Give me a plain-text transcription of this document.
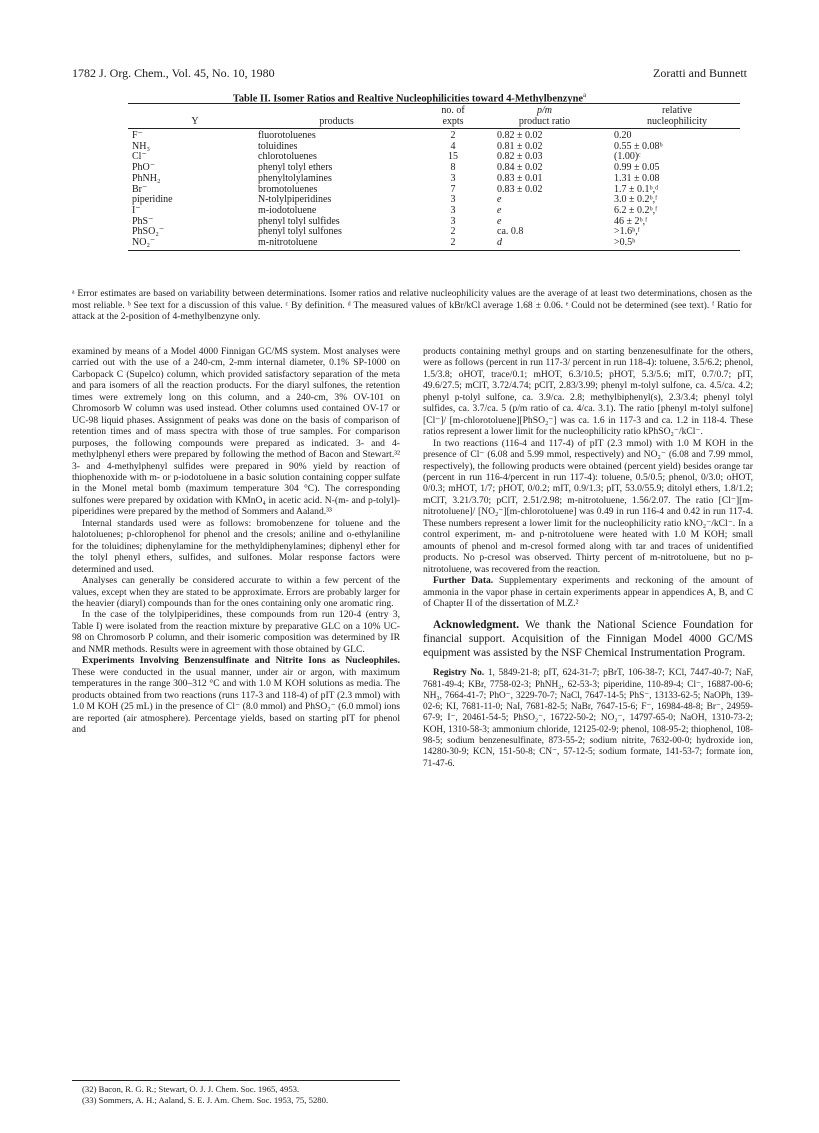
1782 J. Org. Chem., Vol. 45, No. 10, 1980	Zoratti and Bunnett
Table II. Isomer Ratios and Realtive Nucleophilicities toward 4-Methylbenzyne$^a$
		no. of	p/m	relative
Y	products	expts	product ratio	nucleophilicity
F⁻	fluorotoluenes	2	0.82 ± 0.02	0.20
NH₃	toluidines	4	0.81 ± 0.02	0.55 ± 0.08ᵇ
Cl⁻	chlorotoluenes	15	0.82 ± 0.03	(1.00)ᶜ
PhO⁻	phenyl tolyl ethers	8	0.84 ± 0.02	0.99 ± 0.05
PhNH₂	phenyltolylamines	3	0.83 ± 0.01	1.31 ± 0.08
Br⁻	bromotoluenes	7	0.83 ± 0.02	1.7 ± 0.1ᵇ,ᵈ
piperidine	N-tolylpiperidines	3	e	3.0 ± 0.2ᵇ,ᶠ
I⁻	m-iodotoluene	3	e	6.2 ± 0.2ᵇ,ᶠ
PhS⁻	phenyl tolyl sulfides	3	e	46 ± 2ᵇ,ᶠ
PhSO₂⁻	phenyl tolyl sulfones	2	ca. 0.8	>1.6ᵇ,ᶠ
NO₂⁻	m-nitrotoluene	2	d	>0.5ᵇ
ᵃ Error estimates are based on variability between determinations. Isomer ratios and relative nucleophilicity values are the average of at least two determinations, chosen as the most reliable. ᵇ See text for a discussion of this value. ᶜ By definition. ᵈ The measured values of kBr/kCl average 1.68 ± 0.06. ᵉ Could not be determined (see text). ᶠ Ratio for attack at the 2-position of 4-methylbenzyne only.

examined by means of a Model 4000 Finnigan GC/MS system. Most analyses were carried out with the use of a 240-cm, 2-mm internal diameter, 0.1% SP-1000 on Carbopack C (Supelco) column, which provided satisfactory separation of the meta and para isomers of all the reaction products. For the diaryl sulfones, the retention times were extremely long on this column, and a 240-cm, 3% OV-101 on Chromosorb W column was used instead. Other columns used contained OV-17 or UC-98 liquid phases. Assignment of peaks was done on the basis of comparison of retention times and of mass spectra with those of true samples. For comparison purposes, the following compounds were prepared as indicated. 3- and 4-methylphenyl ethers were prepared by following the method of Bacon and Stewart.³² 3- and 4-methylphenyl sulfides were prepared in 90% yield by reaction of thiophenoxide with m- or p-iodotoluene in a basic solution containing copper sulfate in the Monel metal bomb (maximum temperature 304 °C). The corresponding sulfones were prepared by oxidation with KMnO₄ in acetic acid. N-(m- and p-tolyl)-piperidines were prepared by the method of Sommers and Aaland.³³

Internal standards used were as follows: bromobenzene for toluene and the halotoluenes; p-chlorophenol for phenol and the cresols; aniline and o-ethylaniline for the toluidines; diphenylamine for the methyldiphenylamines; diphenyl ether for the tolyl phenyl ethers, sulfides, and sulfones. Molar response factors were determined and used.

Analyses can generally be considered accurate to within a few percent of the values, except when they are stated to be approximate. Errors are probably larger for the heavier (diaryl) compounds than for the ones containing only one aromatic ring.

In the case of the tolylpiperidines, these compounds from run 120-4 (entry 3, Table I) were isolated from the reaction mixture by preparative GLC on a 10% UC-98 on Chromosorb P column, and their isomeric composition was determined by IR and NMR methods. Results were in agreement with those obtained by GLC.

Experiments Involving Benzensulfinate and Nitrite Ions as Nucleophiles. These were conducted in the usual manner, under air or argon, with maximum temperatures in the range 300–312 °C and with 1.0 M KOH solutions as media. The products obtained from two reactions (runs 117-3 and 118-4) of pIT (2.3 mmol) with 1.0 M KOH (25 mL) in the presence of Cl⁻ (8.0 mmol) and PhSO₂⁻ (6.0 mmol) ions are reported (air atmosphere). Percentage yields, based on starting pIT for phenol and

(32) Bacon, R. G. R.; Stewart, O. J. J. Chem. Soc. 1965, 4953.
(33) Sommers, A. H.; Aaland, S. E. J. Am. Chem. Soc. 1953, 75, 5280.

products containing methyl groups and on starting benzenesulfinate for the others, were as follows (percent in run 117-3/ percent in run 118-4): toluene, 3.5/6.2; phenol, 1.5/3.8; oHOT, trace/0.1; mHOT, 6.3/10.5; pHOT, 5.3/5.6; mIT, 0.7/0.7; pIT, 49.6/27.5; mClT, 3.72/4.74; pClT, 2.83/3.99; phenyl m-tolyl sulfone, ca. 4.5/ca. 4.2; phenyl p-tolyl sulfone, ca. 3.9/ca. 2.8; methylbiphenyl(s), 2.3/3.4; phenyl tolyl sulfides, ca. 3.7/ca. 5 (p/m ratio of ca. 4/ca. 3.1). The ratio [phenyl m-tolyl sulfone][Cl⁻]/ [m-chlorotoluene][PhSO₂⁻] was ca. 1.6 in 117-3 and ca. 1.2 in 118-4. These ratios represent a lower limit for the nucleophilicity ratio kPhSO₂⁻/kCl⁻.

In two reactions (116-4 and 117-4) of pIT (2.3 mmol) with 1.0 M KOH in the presence of Cl⁻ (6.08 and 5.99 mmol, respectively) and NO₂⁻ (6.08 and 7.99 mmol, respectively), the following products were obtained (percent yield) besides orange tar (percent in run 116-4/percent in run 117-4): toluene, 0.5/0.5; phenol, 0/3.0; oHOT, 0/0.3; mHOT, 1/7; pHOT, 0/0.2; mIT, 0.9/1.3; pIT, 53.0/55.9; ditolyl ethers, 1.8/1.2; mClT, 3.21/3.70; pClT, 2.51/2.98; m-nitrotoluene, 1.56/2.07. The ratio [Cl⁻][m-nitrotoluene]/ [NO₂⁻][m-chlorotoluene] was 0.49 in run 116-4 and 0.42 in run 117-4. These numbers represent a lower limit for the nucleophilicity ratio kNO₂⁻/kCl⁻. In a control experiment, m- and p-nitrotoluene were heated with 1.0 M KOH; small amounts of phenol and m-cresol formed along with tar and traces of unidentified products. No p-cresol was observed. Thirty percent of m-nitrotoluene, but no p-nitrotoluene, was recovered from the reaction.

Further Data. Supplementary experiments and reckoning of the amount of ammonia in the vapor phase in certain experiments appear in appendices A, B, and C of Chapter II of the dissertation of M.Z.²

Acknowledgment. We thank the National Science Foundation for financial support. Acquisition of the Finnigan Model 4000 GC/MS equipment was assisted by the NSF Chemical Instrumentation Program.

Registry No. 1, 5849-21-8; pIT, 624-31-7; pBrT, 106-38-7; KCl, 7447-40-7; NaF, 7681-49-4; KBr, 7758-02-3; PhNH₂, 62-53-3; piperidine, 110-89-4; Cl⁻, 16887-00-6; NH₃, 7664-41-7; PhO⁻, 3229-70-7; NaCl, 7647-14-5; PhS⁻, 13133-62-5; NaOPh, 139-02-6; KI, 7681-11-0; NaI, 7681-82-5; NaBr, 7647-15-6; F⁻, 16984-48-8; Br⁻, 24959-67-9; I⁻, 20461-54-5; PhSO₂⁻, 16722-50-2; NO₂⁻, 14797-65-0; NaOH, 1310-73-2; KOH, 1310-58-3; ammonium chloride, 12125-02-9; phenol, 108-95-2; thiophenol, 108-98-5; sodium benzenesulfinate, 873-55-2; sodium nitrite, 7632-00-0; hydroxide ion, 14280-30-9; KCN, 151-50-8; CN⁻, 57-12-5; sodium formate, 141-53-7; formate ion, 71-47-6.
